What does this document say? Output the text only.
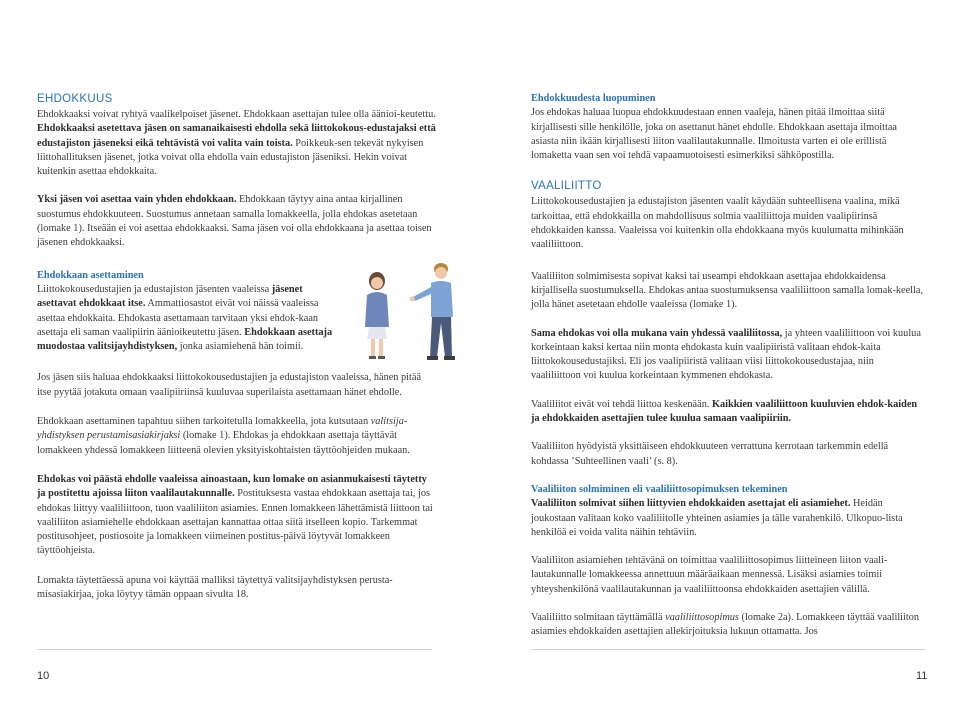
EHDOKKUUS

Ehdokkaaksi voivat ryhtyä vaalikelpoiset jäsenet. Ehdokkaan asettajan tulee olla äänioi-keutettu. Ehdokkaaksi asetettava jäsen on samanaikaisesti ehdolla sekä liittokokous-edustajaksi että edustajiston jäseneksi eikä tehtävistä voi valita vain toista. Poikkeuk-sen tekevät nykyisen liittohallituksen jäsenet, jotka voivat olla ehdolla vain edustajiston jäseniksi. Hekin voivat kuitenkin asettaa ehdokkaita.

Yksi jäsen voi asettaa vain yhden ehdokkaan. Ehdokkaan täytyy aina antaa kirjallinen suostumus ehdokkuuteen. Suostumus annetaan samalla lomakkeella, jolla ehdokas asetetaan (lomake 1). Itseään ei voi asettaa ehdokkaaksi. Sama jäsen voi olla ehdokkaana ja asettaa toisen jäsenen ehdokkaaksi.

Ehdokkaan asettaminen

Liittokokousedustajien ja edustajiston jäsenten vaaleissa jäsenet asettavat ehdokkaat itse. Ammattiosastot eivät voi näissä vaaleissa asettaa ehdokkaita. Ehdokasta asettamaan tarvitaan yksi ehdok-kaan asettaja eli saman vaalipiirin äänioikeutettu jäsen. Ehdokkaan asettaja muodostaa valitsijayhdistyksen, jonka asiamiehenä hän toimii.

Jos jäsen siis haluaa ehdokkaaksi liittokokousedustajien ja edustajiston vaaleissa, hänen pitää itse pyytää jotakuta omaan vaalipiiriinsä kuuluvaa superilaista asettamaan hänet ehdolle.

Ehdokkaan asettaminen tapahtuu siihen tarkoitetulla lomakkeella, jota kutsutaan valitsija-yhdistyksen perustamisasiakirjaksi (lomake 1). Ehdokas ja ehdokkaan asettaja täyttävät lomakkeen yhdessä lomakkeen liitteenä olevien yksityiskohtaisten täyttöohjeiden mukaan.

Ehdokas voi päästä ehdolle vaaleissa ainoastaan, kun lomake on asianmukaisesti täytetty ja postitettu ajoissa liiton vaalilautakunnalle. Postituksesta vastaa ehdokkaan asettaja tai, jos ehdokas liittyy vaaliliittoon, tuon vaaliliiton asiamies. Ennen lomakkeen lähettämistä liittoon tai vaaliliiton asiamiehelle ehdokkaan asettajan kannattaa ottaa siitä itselleen kopio. Tarkemmat postitusohjeet, postiosoite ja lomakkeen viimeinen postitus-päivä löytyvät lomakkeen täyttöohjeista.

Lomakta täytettäessä apuna voi käyttää malliksi täytettyä valitsijayhdistyksen perusta-misasiakirjaa, joka löytyy tämän oppaan sivulta 18.

10
Ehdokkuudesta luopuminen

Jos ehdokas haluaa luopua ehdokkuudestaan ennen vaaleja, hänen pitää ilmoittaa siitä kirjallisesti sille henkilölle, joka on asettanut hänet ehdolle. Ehdokkaan asettaja ilmoittaa asiasta niin ikään kirjallisesti liiton vaalilautakunnalle. Ilmoitusta varten ei ole erillistä lomaketta vaan sen voi tehdä vapaamuotoisesti esimerkiksi sähköpostilla.

VAALILIITTO

Liittokokousedustajien ja edustajiston jäsenten vaalit käydään suhteellisena vaalina, mikä tarkoittaa, että ehdokkailla on mahdollisuus solmia vaaliliittoja muiden vaalipiirinsä ehdokkaiden kanssa. Vaaleissa voi kuitenkin olla ehdokkaana myös kuulumatta mihinkään vaaliliittoon.

Vaaliliiton solmimisesta sopivat kaksi tai useampi ehdokkaan asettajaa ehdokkaidensa kirjallisella suostumuksella. Ehdokas antaa suostumuksensa vaaliliittoon samalla lomak-keella, jolla hänet asetetaan ehdolle vaaleissa (lomake 1).

Sama ehdokas voi olla mukana vain yhdessä vaaliliitossa, ja yhteen vaaliliittoon voi kuulua korkeintaan kaksi kertaa niin monta ehdokasta kuin vaalipiiristä valitaan ehdok-kaita liittokokousedustajiksi. Eli jos vaalipiiristä valitaan viisi liittokokousedustajaa, niin vaaliliittoon voi kuulua korkeintaan kymmenen ehdokasta.

Vaaliliitot eivät voi tehdä liittoa keskenään. Kaikkien vaaliliittoon kuuluvien ehdok-kaiden ja ehdokkaiden asettajien tulee kuulua samaan vaalipiiriin.

Vaaliliiton hyödyistä yksittäiseen ehdokkuuteen verrattuna kerrotaan tarkemmin edellä kohdassa ’Suhteellinen vaali’ (s. 8).

Vaaliliiton solmiminen eli vaaliliittosopimuksen tekeminen

Vaaliliiton solmivat siihen liittyvien ehdokkaiden asettajat eli asiamiehet. Heidän joukostaan valitaan koko vaaliliitolle yhteinen asiamies ja tälle varahenkilö. Ulkopuo-lista henkilöä ei voida valita näihin tehtäviin.

Vaaliliiton asiamiehen tehtävänä on toimittaa vaaliliittosopimus liitteineen liiton vaali-lautakunnalle lomakkeessa annettuun määräaikaan mennessä. Lisäksi asiamies toimii yhteyshenkilönä vaalilautakunnan ja vaaliliittoonsa ehdokkaiden asettajien välillä.

Vaaliliitto solmitaan täyttämällä vaaliliittosopimus (lomake 2a). Lomakkeen täyttää vaaliliiton asiamies ehdokkaiden asettajien allekirjoituksia lukuun ottamatta. Jos

11
